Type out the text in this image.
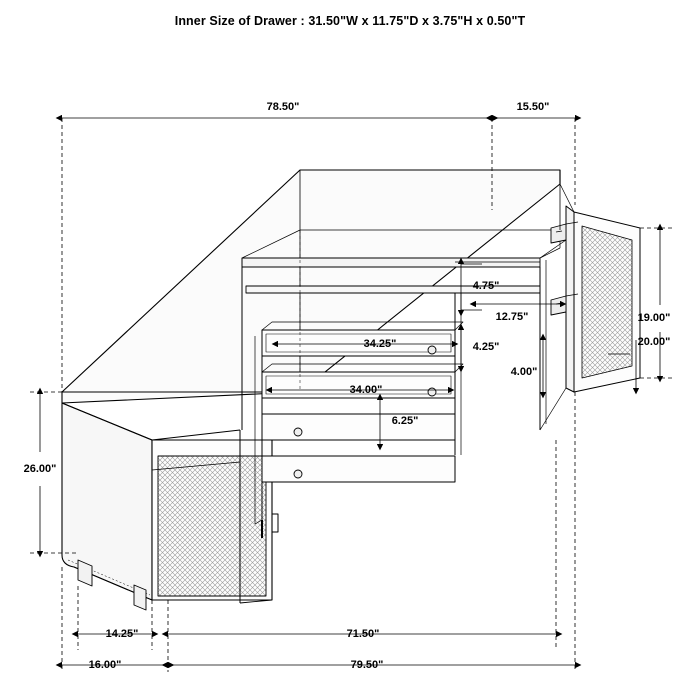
Inner Size of Drawer : 31.50"W x 11.75"D x 3.75"H x 0.50"T
78.50"	15.50"
4.75"
19.00"
12.75"
20.00"
34.25"	4.25"
4.00"
34.00"
6.25"
26.00"
14.25"	71.50"
16.00"	79.50"
